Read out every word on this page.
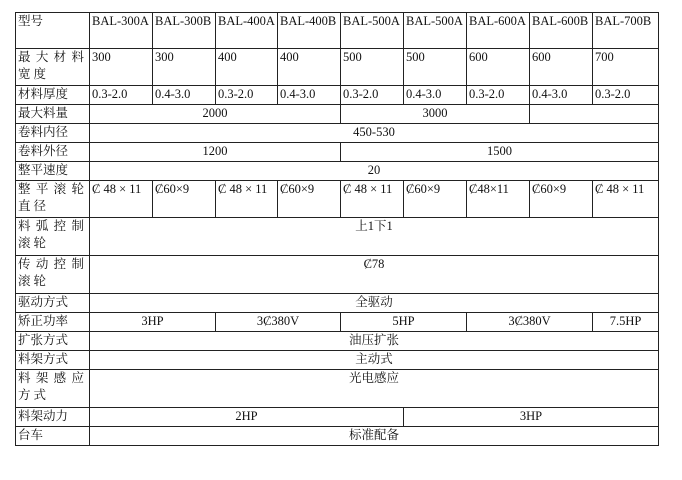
型号	BAL-300A	BAL-300B	BAL-400A	BAL-400B	BAL-500A	BAL-500A	BAL-600A	BAL-600B	BAL-700B
最大材料宽度	300	300	400	400	500	500	600	600	700
材料厚度	0.3-2.0	0.4-3.0	0.3-2.0	0.4-3.0	0.3-2.0	0.4-3.0	0.3-2.0	0.4-3.0	0.3-2.0
最大料量	2000				3000				
卷料内径	450-530								
卷料外径	1200				1500				
整平速度	20								
整平滚轮直径	Ȼ 48 × 11	Ȼ60×9	Ȼ 48 × 11	Ȼ60×9	Ȼ 48 × 11	Ȼ60×9	Ȼ48×11	Ȼ60×9	Ȼ 48 × 11
料弧控制滚轮	上1下1								
传动控制滚轮	Ȼ78								
驱动方式	全驱动								
矫正功率	3HP		3Ȼ380V		5HP		3Ȼ380V		7.5HP
扩张方式	油压扩张								
料架方式	主动式								
料架感应方式	光电感应								
料架动力	2HP					3HP			
台车	标准配备								
